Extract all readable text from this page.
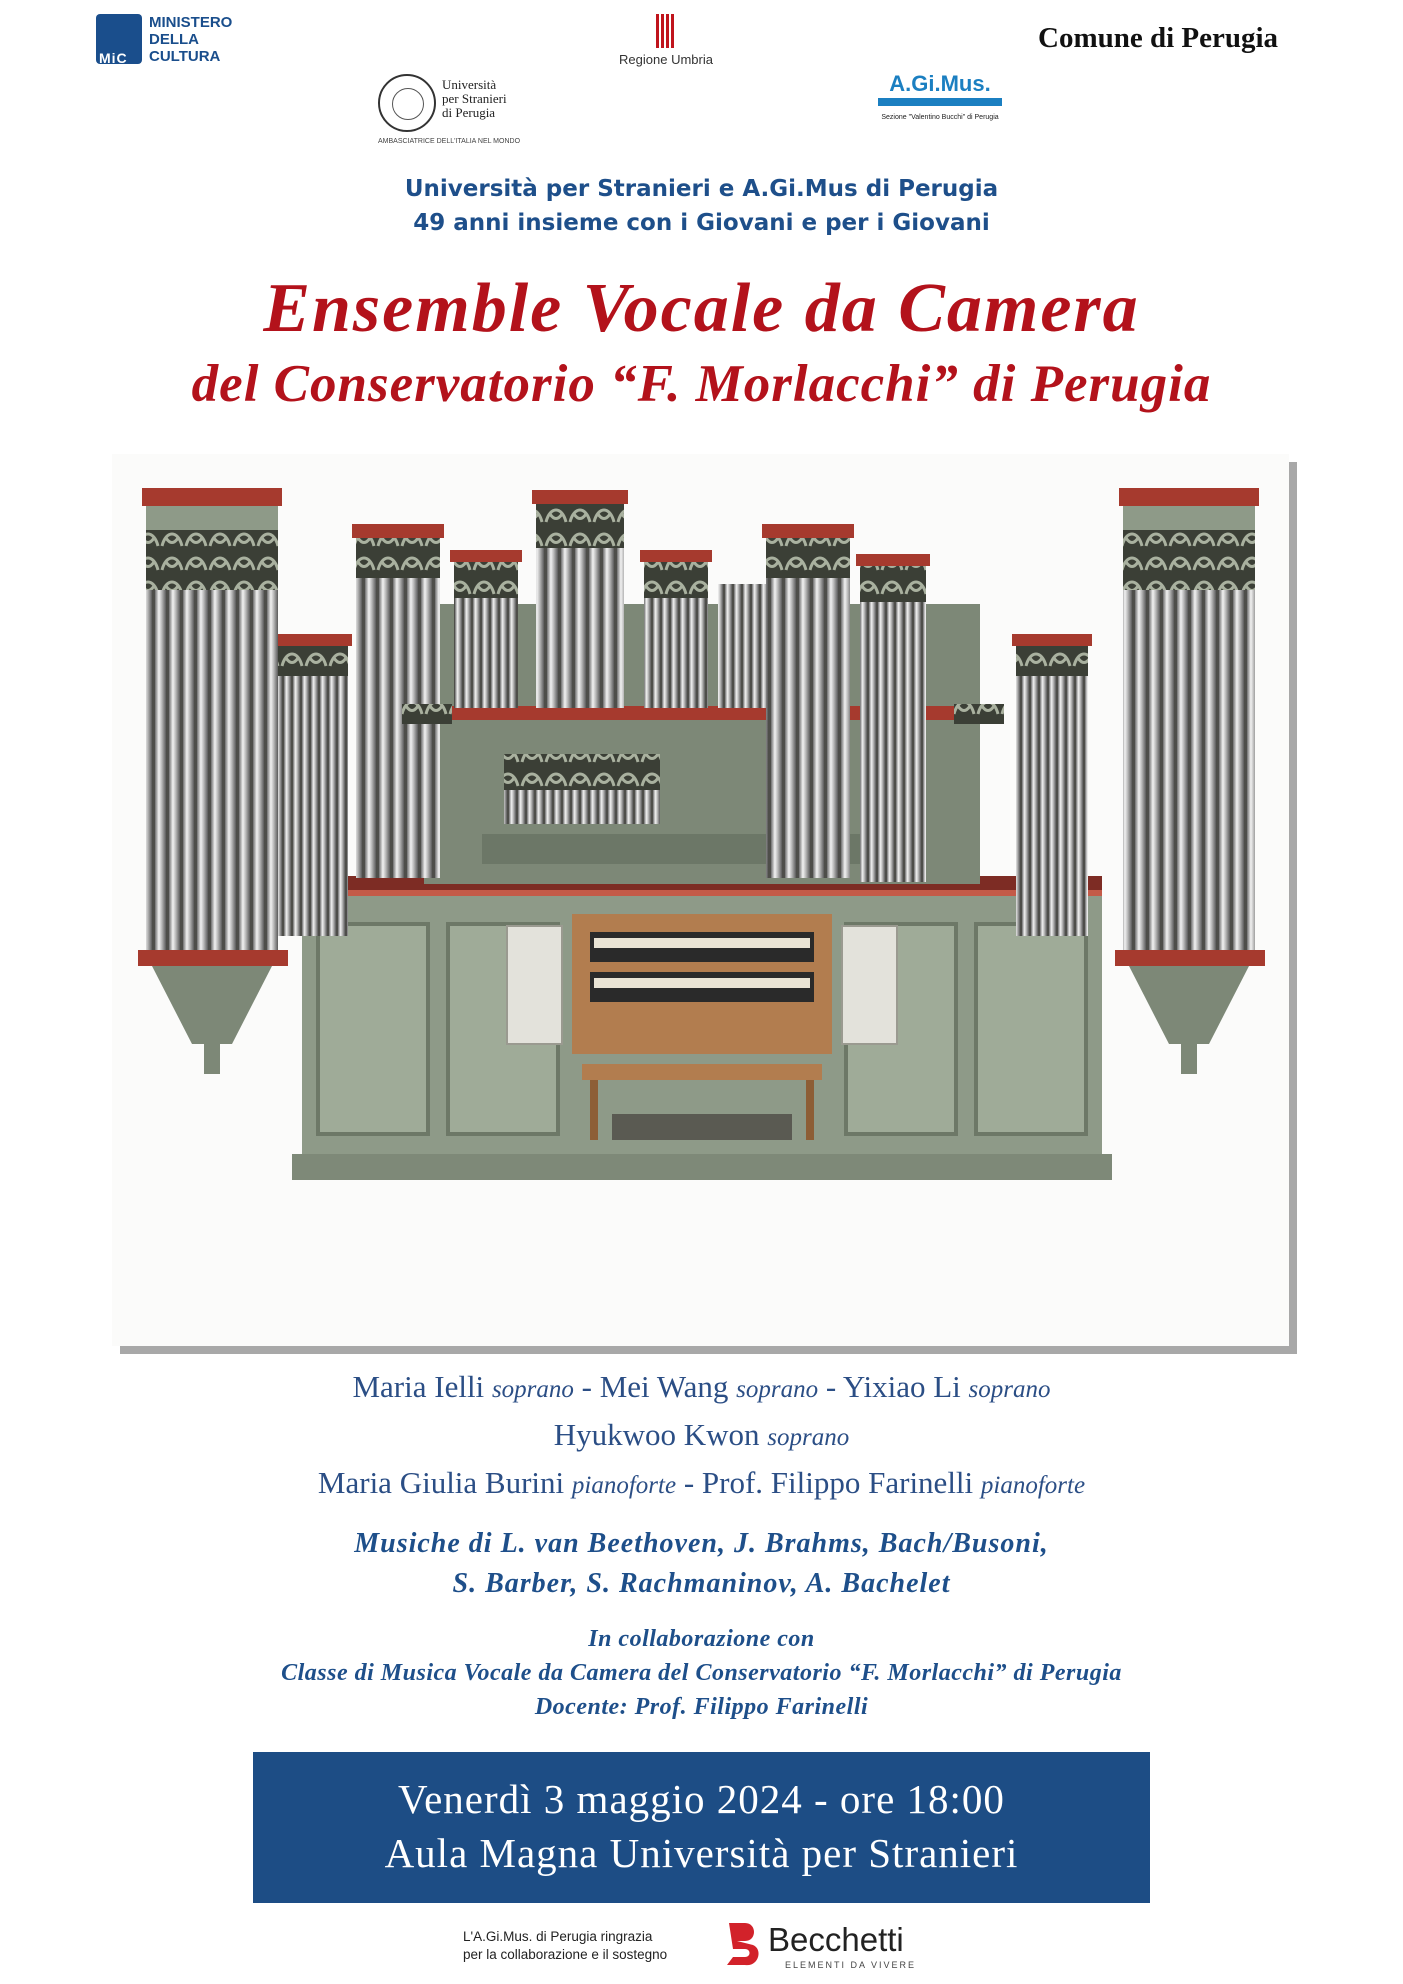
MiC
MINISTERO
DELLA
CULTURA	Regione Umbria
Comune di Perugia
Università
per Stranieri
di Perugia
AMBASCIATRICE DELL'ITALIA NEL MONDO
A.Gi.Mus.
Sezione "Valentino Bucchi" di Perugia
Università per Stranieri e A.Gi.Mus di Perugia
49 anni insieme con i Giovani e per i Giovani
Ensemble Vocale da Camera
del Conservatorio “F. Morlacchi” di Perugia
Maria Ielli soprano - Mei Wang soprano - Yixiao Li soprano
Hyukwoo Kwon soprano
Maria Giulia Burini pianoforte - Prof. Filippo Farinelli pianoforte
Musiche di L. van Beethoven, J. Brahms, Bach/Busoni,
S. Barber, S. Rachmaninov, A. Bachelet
In collaborazione con
Classe di Musica Vocale da Camera del Conservatorio “F. Morlacchi” di Perugia
Docente: Prof. Filippo Farinelli
Venerdì 3 maggio 2024 - ore 18:00
Aula Magna Università per Stranieri
L'A.Gi.Mus. di Perugia ringrazia
per la collaborazione e il sostegno	Becchetti
ELEMENTI DA VIVERE
